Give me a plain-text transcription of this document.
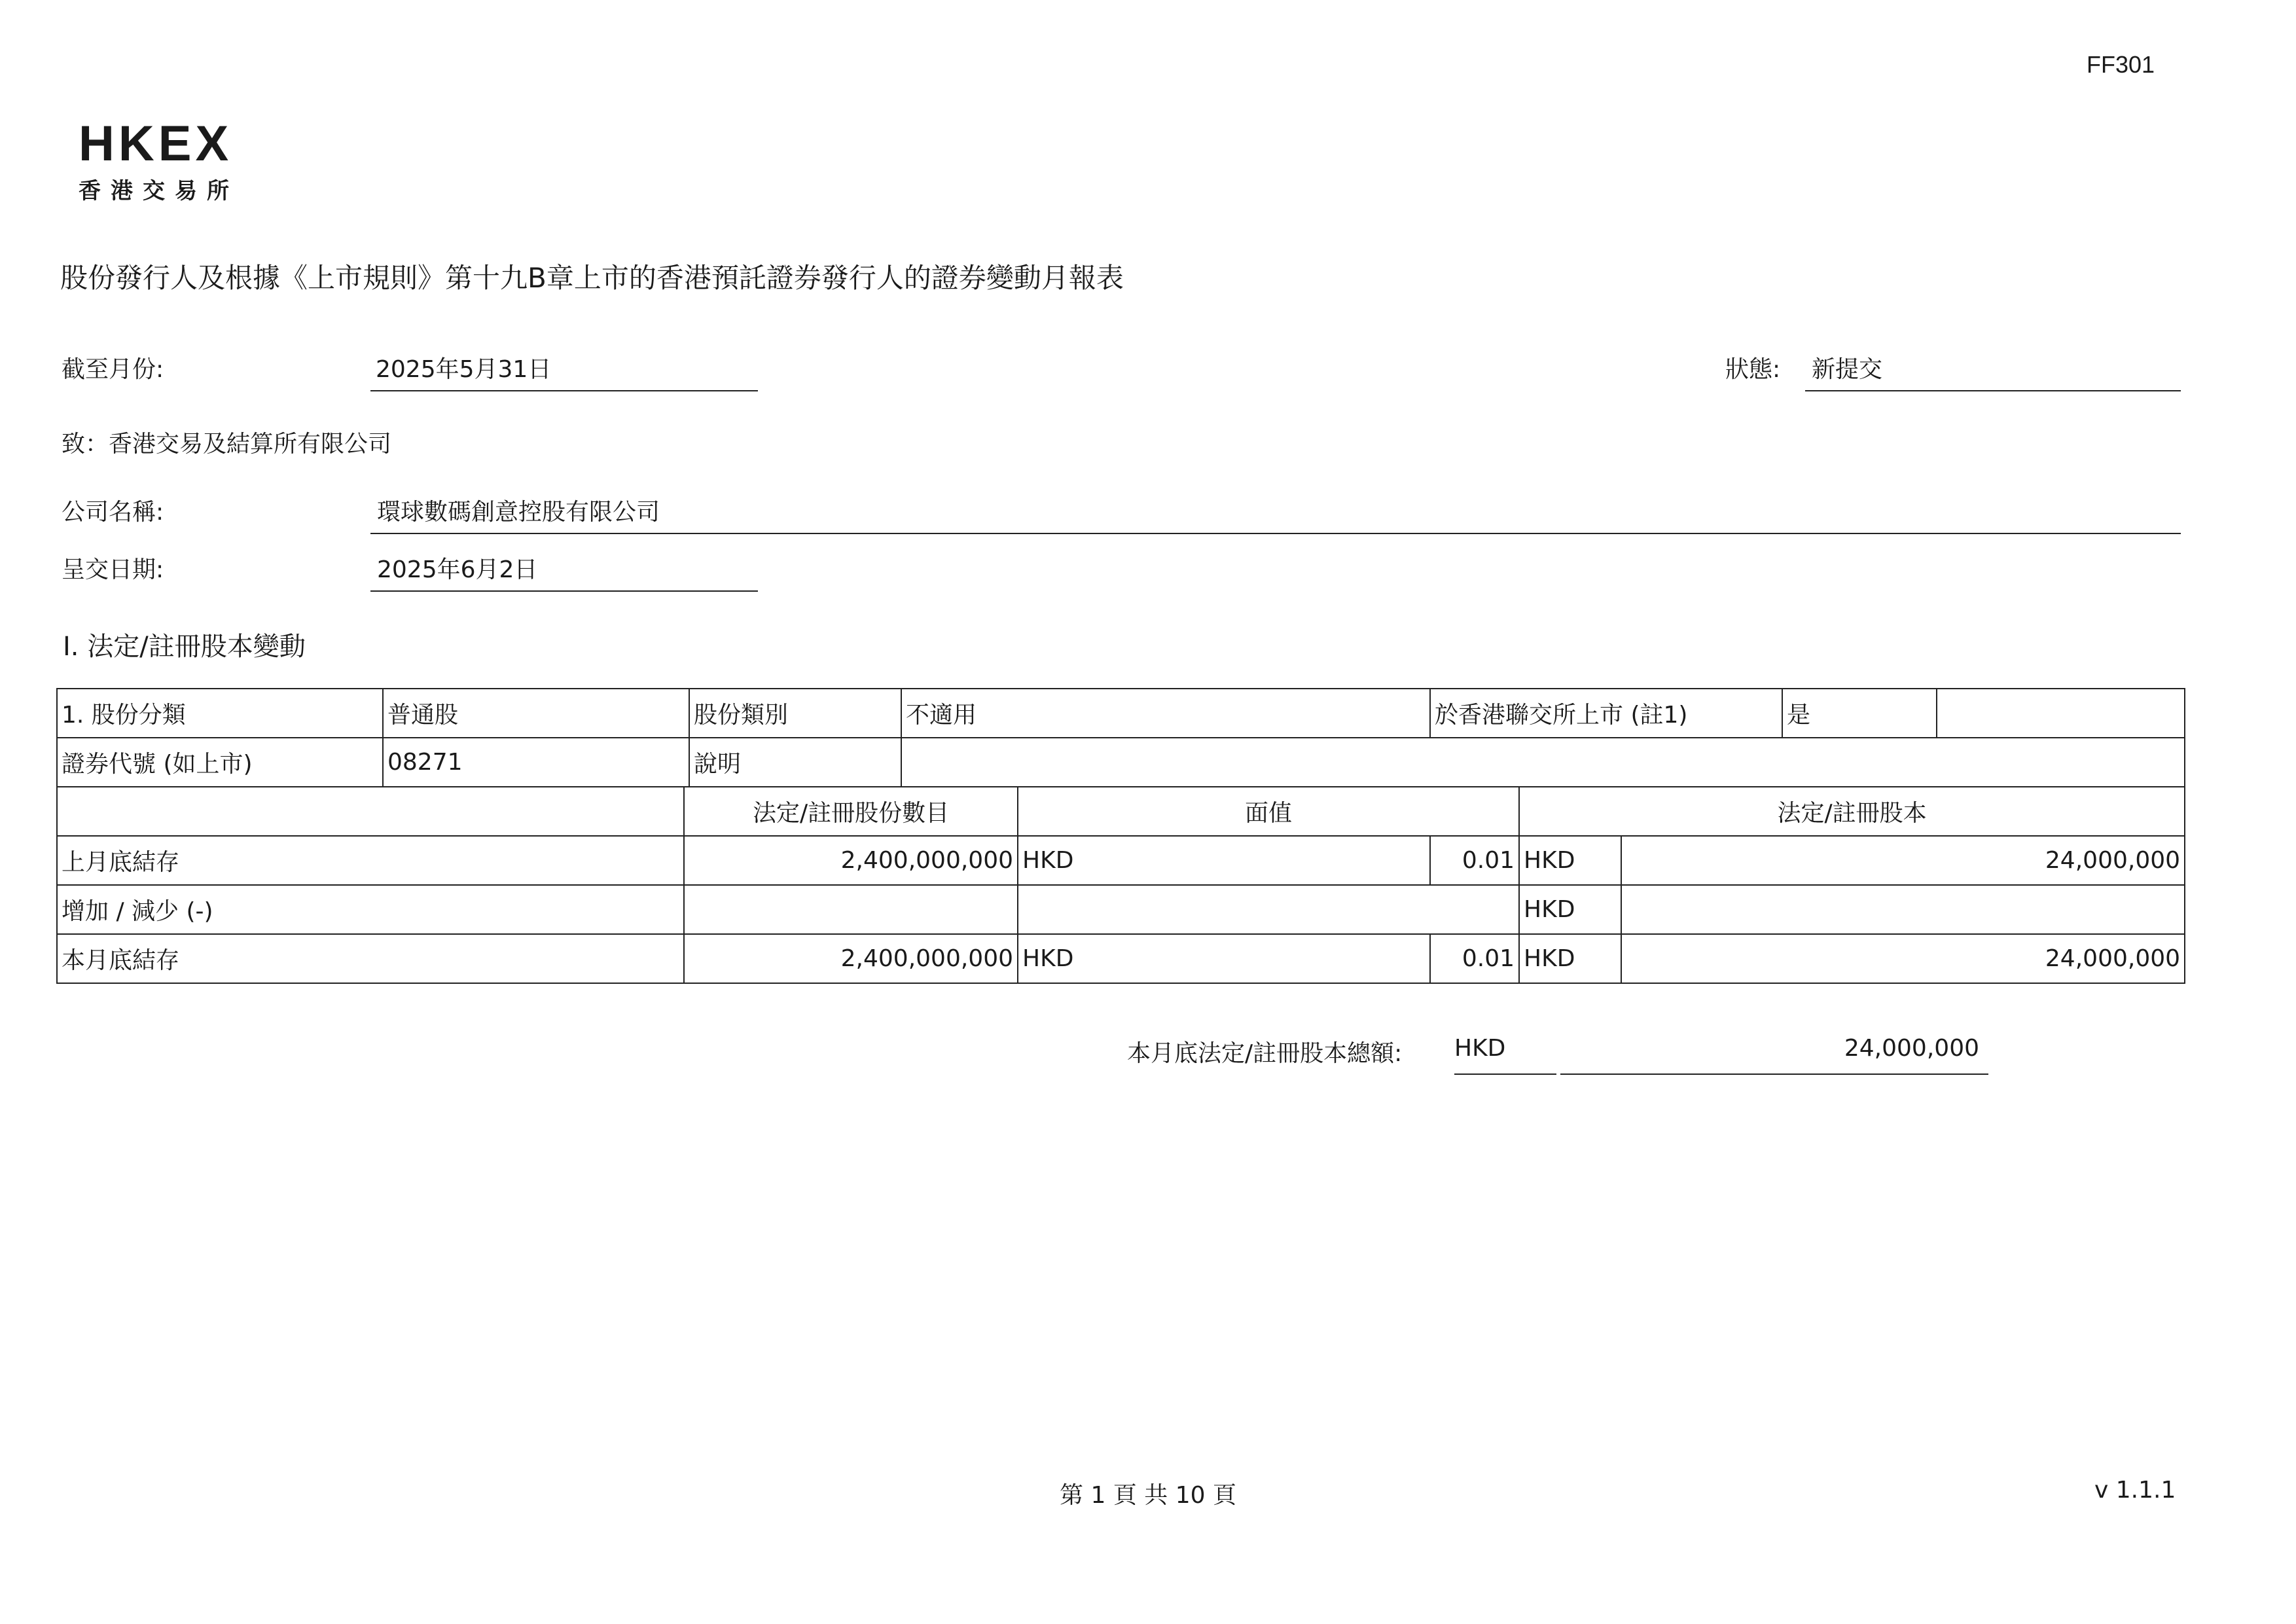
FF301
HKEX
香港交易所
股份發行人及根據《上市規則》第十九B章上市的香港預託證券發行人的證券變動月報表
截至月份:	2025年5月31日	狀態: 新提交
致：香港交易及結算所有限公司
公司名稱:	環球數碼創意控股有限公司
呈交日期:	2025年6月2日
I. 法定/註冊股本變動
1. 股份分類	普通股		股份類別	不適用		於香港聯交所上市 (註1)			是	
證券代號 (如上市)	08271		說明							
		法定/註冊股份數目			面值		法定/註冊股本			
上月底結存		2,400,000,000			HKD	0.01	HKD	24,000,000		
增加 / 減少 (-)							HKD			
本月底結存		2,400,000,000			HKD	0.01	HKD	24,000,000		
本月底法定/註冊股本總額: HKD	24,000,000
第 1 頁 共 10 頁	v 1.1.1
